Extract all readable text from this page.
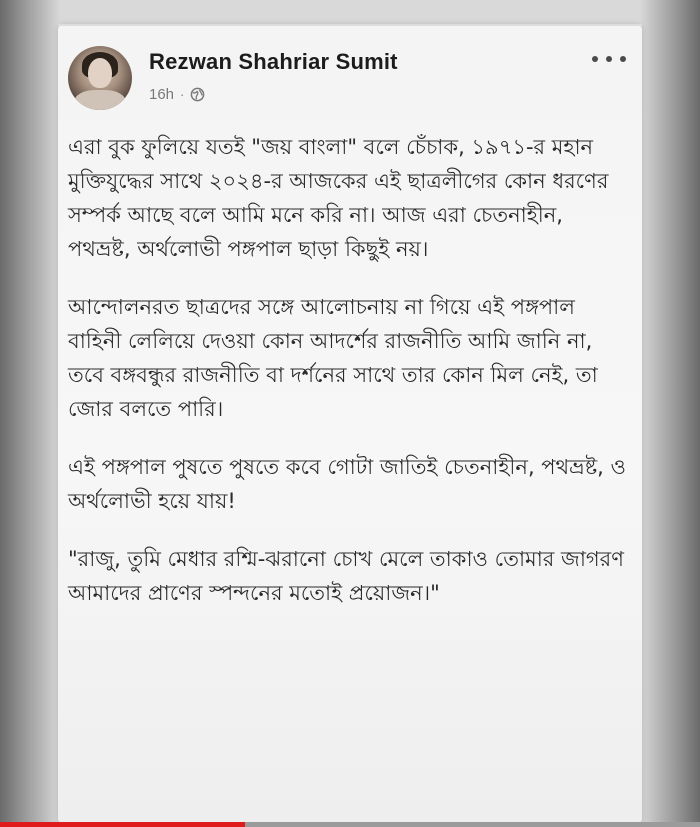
Rezwan Shahriar Sumit
16h ·

এরা বুক ফুলিয়ে যতই "জয় বাংলা" বলে চেঁচাক, ১৯৭১-র মহান মুক্তিযুদ্ধের সাথে ২০২৪-র আজকের এই ছাত্রলীগের কোন ধরণের সম্পর্ক আছে বলে আমি মনে করি না। আজ এরা চেতনাহীন, পথভ্রষ্ট, অর্থলোভী পঙ্গপাল ছাড়া কিছুই নয়।

আন্দোলনরত ছাত্রদের সঙ্গে আলোচনায় না গিয়ে এই পঙ্গপাল বাহিনী লেলিয়ে দেওয়া কোন আদর্শের রাজনীতি আমি জানি না, তবে বঙ্গবন্ধুর রাজনীতি বা দর্শনের সাথে তার কোন মিল নেই, তা জোর বলতে পারি।

এই পঙ্গপাল পুষতে পুষতে কবে গোটা জাতিই চেতনাহীন, পথভ্রষ্ট, ও অর্থলোভী হয়ে যায়!

"রাজু, তুমি মেধার রশ্মি-ঝরানো চোখ মেলে তাকাও তোমার জাগরণ আমাদের প্রাণের স্পন্দনের মতোই প্রয়োজন।"
